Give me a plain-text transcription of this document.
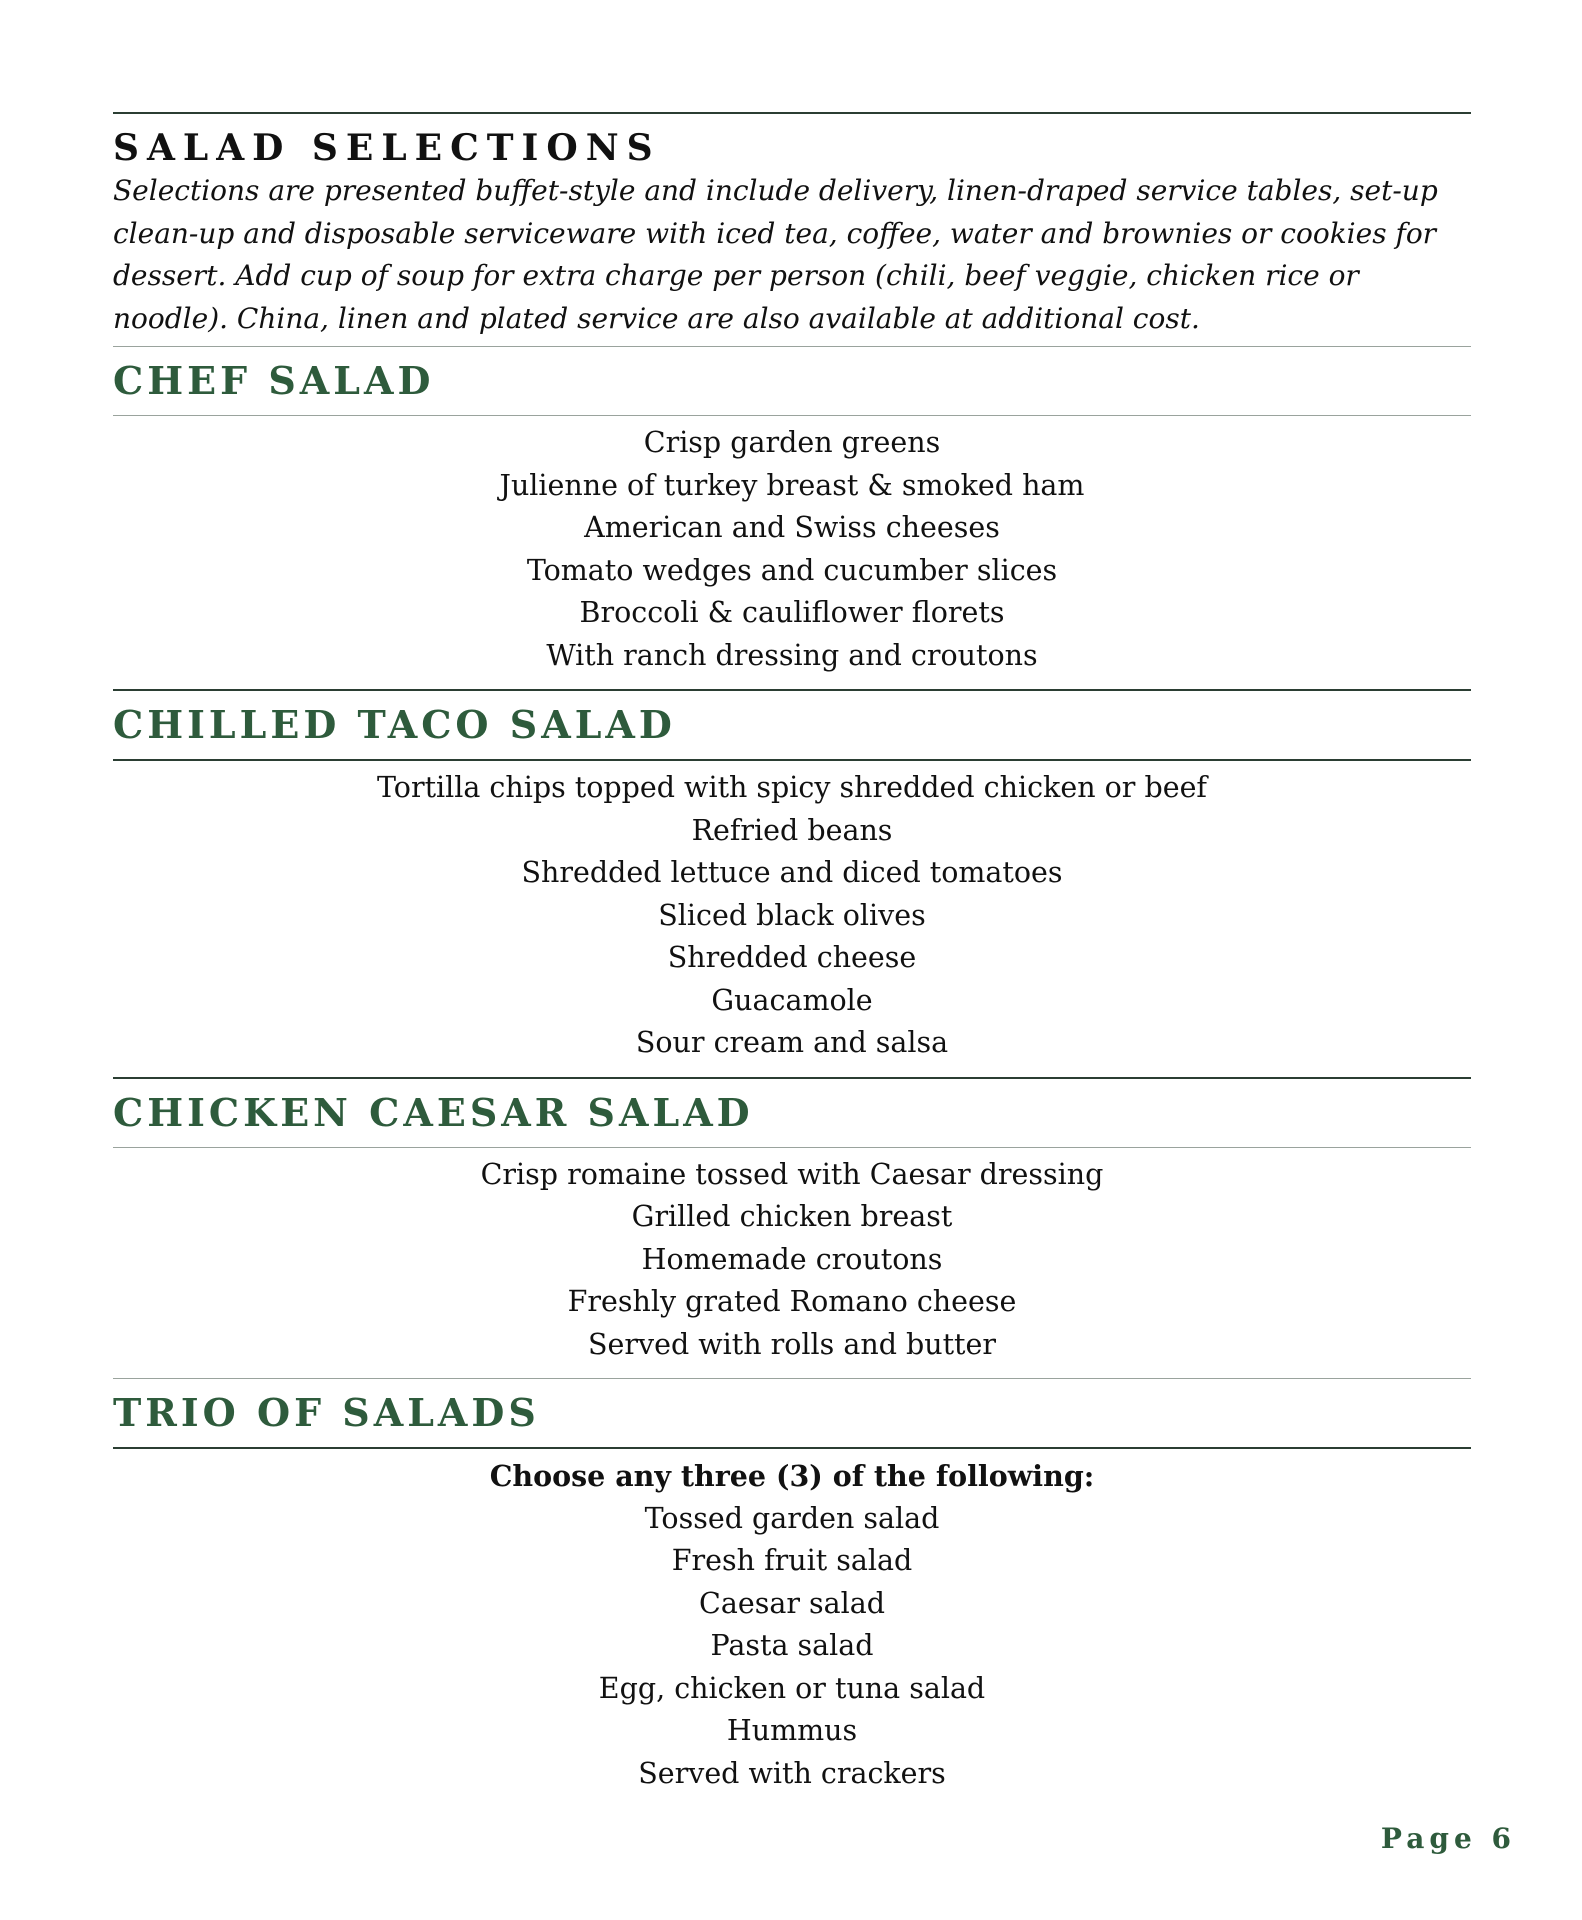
SALAD SELECTIONS

Selections are presented buffet-style and include delivery, linen-draped service tables, set-up clean-up and disposable serviceware with iced tea, coffee, water and brownies or cookies for dessert. Add cup of soup for extra charge per person (chili, beef veggie, chicken rice or noodle). China, linen and plated service are also available at additional cost.

CHEF SALAD
Crisp garden greens
Julienne of turkey breast & smoked ham
American and Swiss cheeses
Tomato wedges and cucumber slices
Broccoli & cauliflower florets
With ranch dressing and croutons
CHILLED TACO SALAD
Tortilla chips topped with spicy shredded chicken or beef
Refried beans
Shredded lettuce and diced tomatoes
Sliced black olives
Shredded cheese
Guacamole
Sour cream and salsa
CHICKEN CAESAR SALAD
Crisp romaine tossed with Caesar dressing
Grilled chicken breast
Homemade croutons
Freshly grated Romano cheese
Served with rolls and butter
TRIO OF SALADS
Choose any three (3) of the following:
Tossed garden salad
Fresh fruit salad
Caesar salad
Pasta salad
Egg, chicken or tuna salad
Hummus
Served with crackers
Page 6
